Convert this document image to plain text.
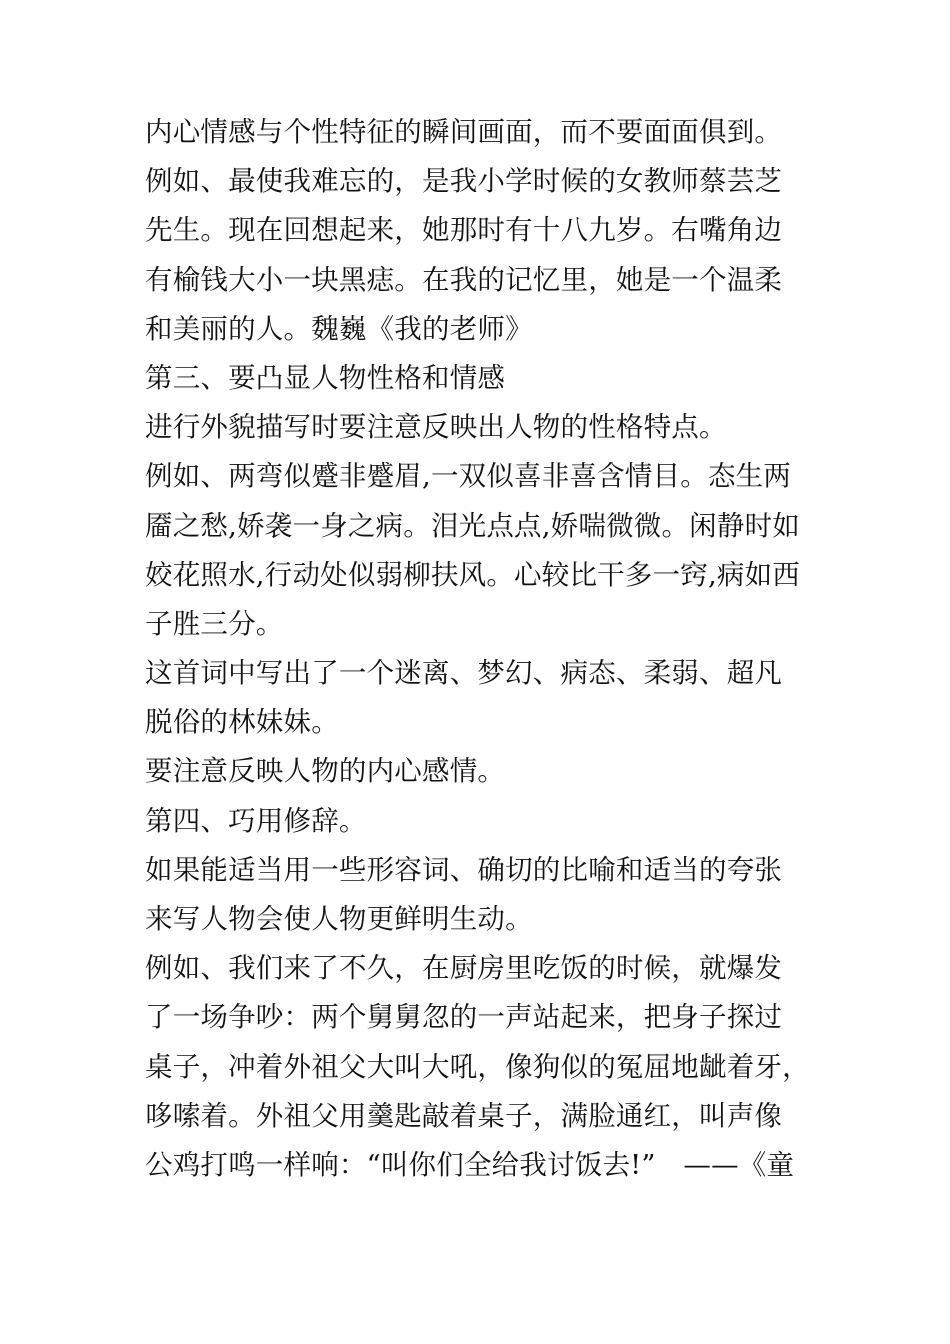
内心情感与个性特征的瞬间画面，而不要面面俱到。
例如、最使我难忘的，是我小学时候的女教师蔡芸芝
先生。现在回想起来，她那时有十八九岁。右嘴角边
有榆钱大小一块黑痣。在我的记忆里，她是一个温柔
和美丽的人。魏巍《我的老师》
第三、要凸显人物性格和情感
进行外貌描写时要注意反映出人物的性格特点。
例如、两弯似蹙非蹙眉,一双似喜非喜含情目。态生两
靥之愁,娇袭一身之病。泪光点点,娇喘微微。闲静时如
姣花照水,行动处似弱柳扶风。心较比干多一窍,病如西
子胜三分。
这首词中写出了一个迷离、梦幻、病态、柔弱、超凡
脱俗的林妹妹。
要注意反映人物的内心感情。
第四、巧用修辞。
如果能适当用一些形容词、确切的比喻和适当的夸张
来写人物会使人物更鲜明生动。
例如、我们来了不久，在厨房里吃饭的时候，就爆发
了一场争吵：两个舅舅忽的一声站起来，把身子探过
桌子，冲着外祖父大叫大吼，像狗似的冤屈地龇着牙，
哆嗦着。外祖父用羹匙敲着桌子，满脸通红，叫声像
公鸡打鸣一样响：“叫你们全给我讨饭去!”　——《童
